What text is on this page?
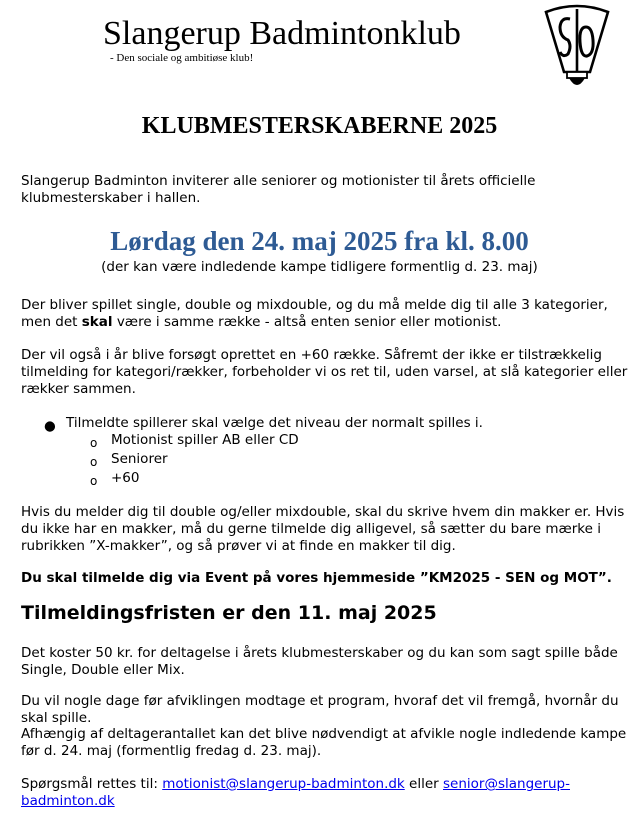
Slangerup Badmintonklub
- Den sociale og ambitiøse klub!
KLUBMESTERSKABERNE 2025
Slangerup Badminton inviterer alle seniorer og motionister til årets officielle klubmesterskaber i hallen.
Lørdag den 24. maj 2025 fra kl. 8.00
(der kan være indledende kampe tidligere formentlig d. 23. maj)
Der bliver spillet single, double og mixdouble, og du må melde dig til alle 3 kategorier, men det skal være i samme række - altså enten senior eller motionist.
Der vil også i år blive forsøgt oprettet en +60 række. Såfremt der ikke er tilstrækkelig tilmelding for kategori/rækker, forbeholder vi os ret til, uden varsel, at slå kategorier eller rækker sammen.
● Tilmeldte spillerer skal vælge det niveau der normalt spilles i.
o Motionist spiller AB eller CD
o Seniorer
o +60
Hvis du melder dig til double og/eller mixdouble, skal du skrive hvem din makker er. Hvis du ikke har en makker, må du gerne tilmelde dig alligevel, så sætter du bare mærke i rubrikken ”X-makker”, og så prøver vi at finde en makker til dig.
Du skal tilmelde dig via Event på vores hjemmeside ”KM2025 - SEN og MOT”.
Tilmeldingsfristen er den 11. maj 2025
Det koster 50 kr. for deltagelse i årets klubmesterskaber og du kan som sagt spille både Single, Double eller Mix.
Du vil nogle dage før afviklingen modtage et program, hvoraf det vil fremgå, hvornår du skal spille.
Afhængig af deltagerantallet kan det blive nødvendigt at afvikle nogle indledende kampe før d. 24. maj (formentlig fredag d. 23. maj).
Spørgsmål rettes til: motionist@slangerup-badminton.dk eller senior@slangerup-badminton.dk
